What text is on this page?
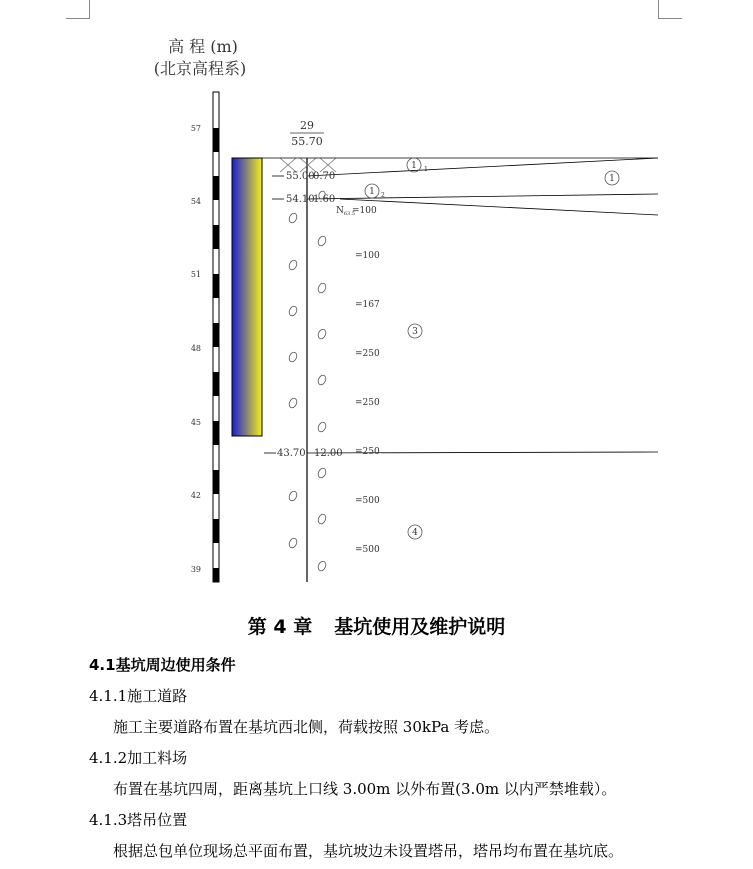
高 程 (m)
(北京高程系)
57
54
51
48
45
42
39
29
55.70
55.00
0.70
1 1
54.10
1.60
1 2
43.70 12.00
$N_{63.5}$
=100
=100
=167
=250
=250
=250
=500
=500
1
3
4
第 4 章 基坑使用及维护说明
4.1基坑周边使用条件
4.1.1施工道路
施工主要道路布置在基坑西北侧，荷载按照 30kPa 考虑。
4.1.2加工料场
布置在基坑四周，距离基坑上口线 3.00m 以外布置(3.0m 以内严禁堆载）。
4.1.3塔吊位置
根据总包单位现场总平面布置，基坑坡边未设置塔吊，塔吊均布置在基坑底。
